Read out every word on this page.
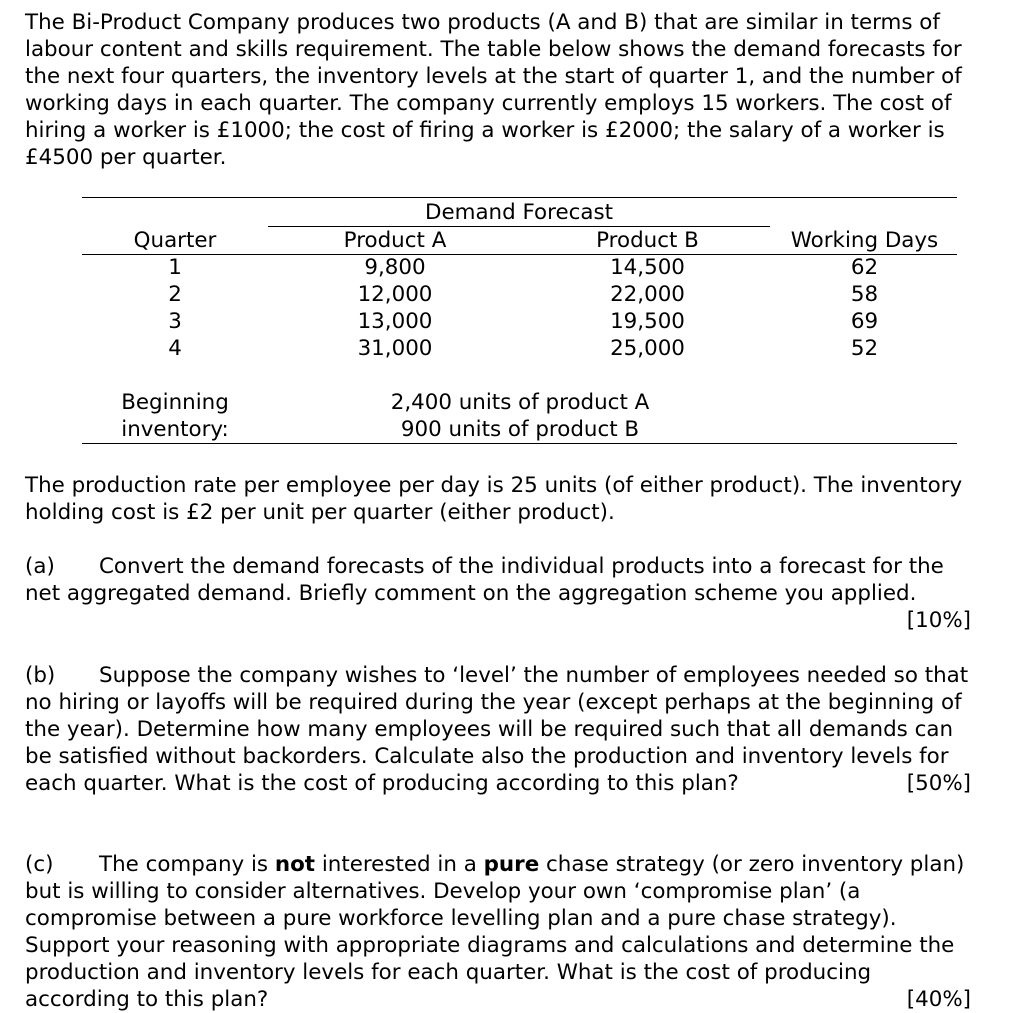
The Bi-Product Company produces two products (A and B) that are similar in terms of

labour content and skills requirement. The table below shows the demand forecasts for

the next four quarters, the inventory levels at the start of quarter 1, and the number of

working days in each quarter. The company currently employs 15 workers. The cost of

hiring a worker is £1000; the cost of firing a worker is £2000; the salary of a worker is

£4500 per quarter.

Demand Forecast
Quarter	Product A	Product B	Working Days
1	9,800	14,500	62
2	12,000	22,000	58
3	13,000	19,500	69
4	31,000	25,000	52
Beginning
inventory:
2,400 units of product A
900 units of product B

The production rate per employee per day is 25 units (of either product). The inventory

holding cost is £2 per unit per quarter (either product).

(a) Convert the demand forecasts of the individual products into a forecast for the

net aggregated demand. Briefly comment on the aggregation scheme you applied.

[10%]

(b) Suppose the company wishes to ‘level’ the number of employees needed so that

no hiring or layoffs will be required during the year (except perhaps at the beginning of

the year). Determine how many employees will be required such that all demands can

be satisfied without backorders. Calculate also the production and inventory levels for

each quarter. What is the cost of producing according to this plan?	[50%]

(c) The company is not interested in a pure chase strategy (or zero inventory plan)

but is willing to consider alternatives. Develop your own ‘compromise plan’ (a

compromise between a pure workforce levelling plan and a pure chase strategy).

Support your reasoning with appropriate diagrams and calculations and determine the

production and inventory levels for each quarter. What is the cost of producing

according to this plan?	[40%]
